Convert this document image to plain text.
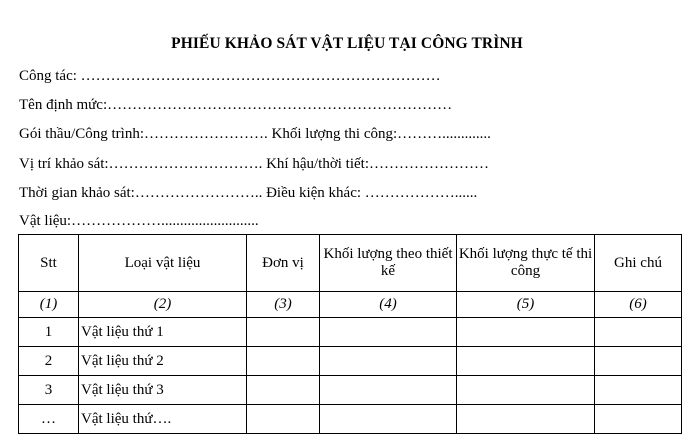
PHIẾU KHẢO SÁT VẬT LIỆU TẠI CÔNG TRÌNH
Công tác: ………………………………………………………………
Tên định mức:……………………………………………………………
Gói thầu/Công trình:……………………. Khối lượng thi công:……….............
Vị trí khảo sát:…………………………. Khí hậu/thời tiết:……………………
Thời gian khảo sát:…………………….. Điều kiện khác: ………………......
Vật liệu:………………..........................
Stt	Loại vật liệu	Đơn vị	Khối lượng theo thiết kế	Khối lượng thực tế thi công	Ghi chú
(1)	(2)	(3)	(4)	(5)	(6)
1	Vật liệu thứ 1				
2	Vật liệu thứ 2				
3	Vật liệu thứ 3				
…	Vật liệu thứ….				
